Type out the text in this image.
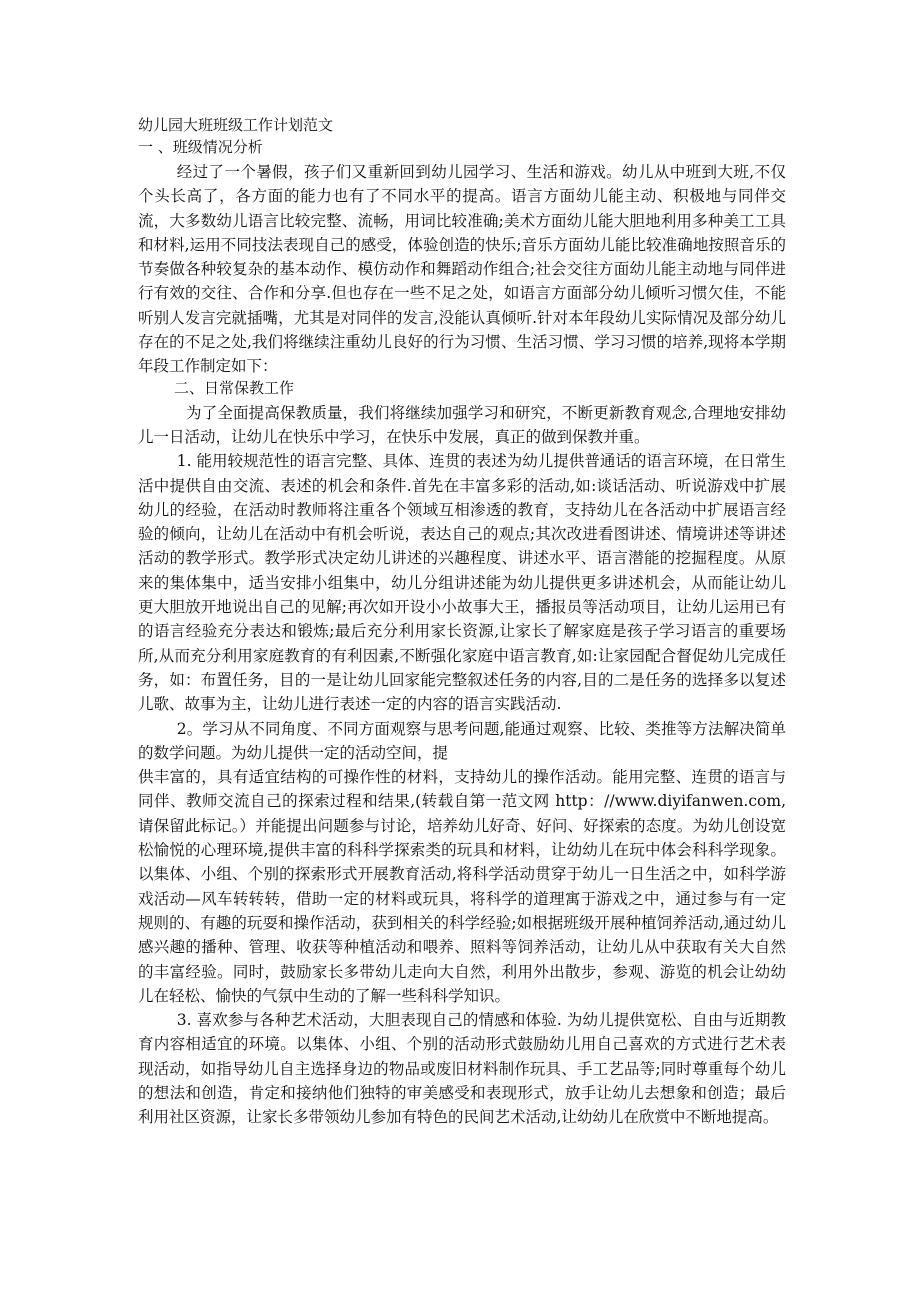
幼儿园大班班级工作计划范文
一 、班级情况分析

经过了一个暑假，孩子们又重新回到幼儿园学习、生活和游戏。幼儿从中班到大班,不仅个头长高了，各方面的能力也有了不同水平的提高。语言方面幼儿能主动、积极地与同伴交流，大多数幼儿语言比较完整、流畅，用词比较准确;美术方面幼儿能大胆地利用多种美工工具和材料,运用不同技法表现自己的感受，体验创造的快乐;音乐方面幼儿能比较准确地按照音乐的节奏做各种较复杂的基本动作、模仿动作和舞蹈动作组合;社会交往方面幼儿能主动地与同伴进行有效的交往、合作和分享.但也存在一些不足之处，如语言方面部分幼儿倾听习惯欠佳，不能听别人发言完就插嘴，尤其是对同伴的发言,没能认真倾听.针对本年段幼儿实际情况及部分幼儿存在的不足之处,我们将继续注重幼儿良好的行为习惯、生活习惯、学习习惯的培养,现将本学期年段工作制定如下：

二、日常保教工作

为了全面提高保教质量，我们将继续加强学习和研究，不断更新教育观念,合理地安排幼儿一日活动，让幼儿在快乐中学习，在快乐中发展，真正的做到保教并重。

1. 能用较规范性的语言完整、具体、连贯的表述为幼儿提供普通话的语言环境，在日常生活中提供自由交流、表述的机会和条件.首先在丰富多彩的活动,如:谈话活动、听说游戏中扩展幼儿的经验，在活动时教师将注重各个领域互相渗透的教育，支持幼儿在各活动中扩展语言经验的倾向，让幼儿在活动中有机会听说，表达自己的观点;其次改进看图讲述、情境讲述等讲述活动的教学形式。教学形式决定幼儿讲述的兴趣程度、讲述水平、语言潜能的挖掘程度。从原来的集体集中，适当安排小组集中，幼儿分组讲述能为幼儿提供更多讲述机会，从而能让幼儿更大胆放开地说出自己的见解;再次如开设小小故事大王，播报员等活动项目，让幼儿运用已有的语言经验充分表达和锻炼;最后充分利用家长资源,让家长了解家庭是孩子学习语言的重要场所,从而充分利用家庭教育的有利因素,不断强化家庭中语言教育,如:让家园配合督促幼儿完成任务，如：布置任务，目的一是让幼儿回家能完整叙述任务的内容,目的二是任务的选择多以复述儿歌、故事为主，让幼儿进行表述一定的内容的语言实践活动.

2。学习从不同角度、不同方面观察与思考问题,能通过观察、比较、类推等方法解决简单的数学问题。为幼儿提供一定的活动空间，提

供丰富的，具有适宜结构的可操作性的材料，支持幼儿的操作活动。能用完整、连贯的语言与同伴、教师交流自己的探索过程和结果,(转载自第一范文网 http：//www.diyifanwen.com,请保留此标记。）并能提出问题参与讨论，培养幼儿好奇、好问、好探索的态度。为幼儿创设宽松愉悦的心理环境,提供丰富的科科学探索类的玩具和材料，让幼幼儿在玩中体会科科学现象。以集体、小组、个别的探索形式开展教育活动,将科学活动贯穿于幼儿一日生活之中，如科学游戏活动—风车转转转，借助一定的材料或玩具，将科学的道理寓于游戏之中，通过参与有一定规则的、有趣的玩耍和操作活动，获到相关的科学经验;如根据班级开展种植饲养活动,通过幼儿感兴趣的播种、管理、收获等种植活动和喂养、照料等饲养活动，让幼儿从中获取有关大自然的丰富经验。同时，鼓励家长多带幼儿走向大自然，利用外出散步，参观、游览的机会让幼幼儿在轻松、愉快的气氛中生动的了解一些科科学知识。

3. 喜欢参与各种艺术活动，大胆表现自己的情感和体验. 为幼儿提供宽松、自由与近期教育内容相适宜的环境。以集体、小组、个别的活动形式鼓励幼儿用自己喜欢的方式进行艺术表现活动，如指导幼儿自主选择身边的物品或废旧材料制作玩具、手工艺品等;同时尊重每个幼儿的想法和创造，肯定和接纳他们独特的审美感受和表现形式，放手让幼儿去想象和创造；最后利用社区资源，让家长多带领幼儿参加有特色的民间艺术活动,让幼幼儿在欣赏中不断地提高。
